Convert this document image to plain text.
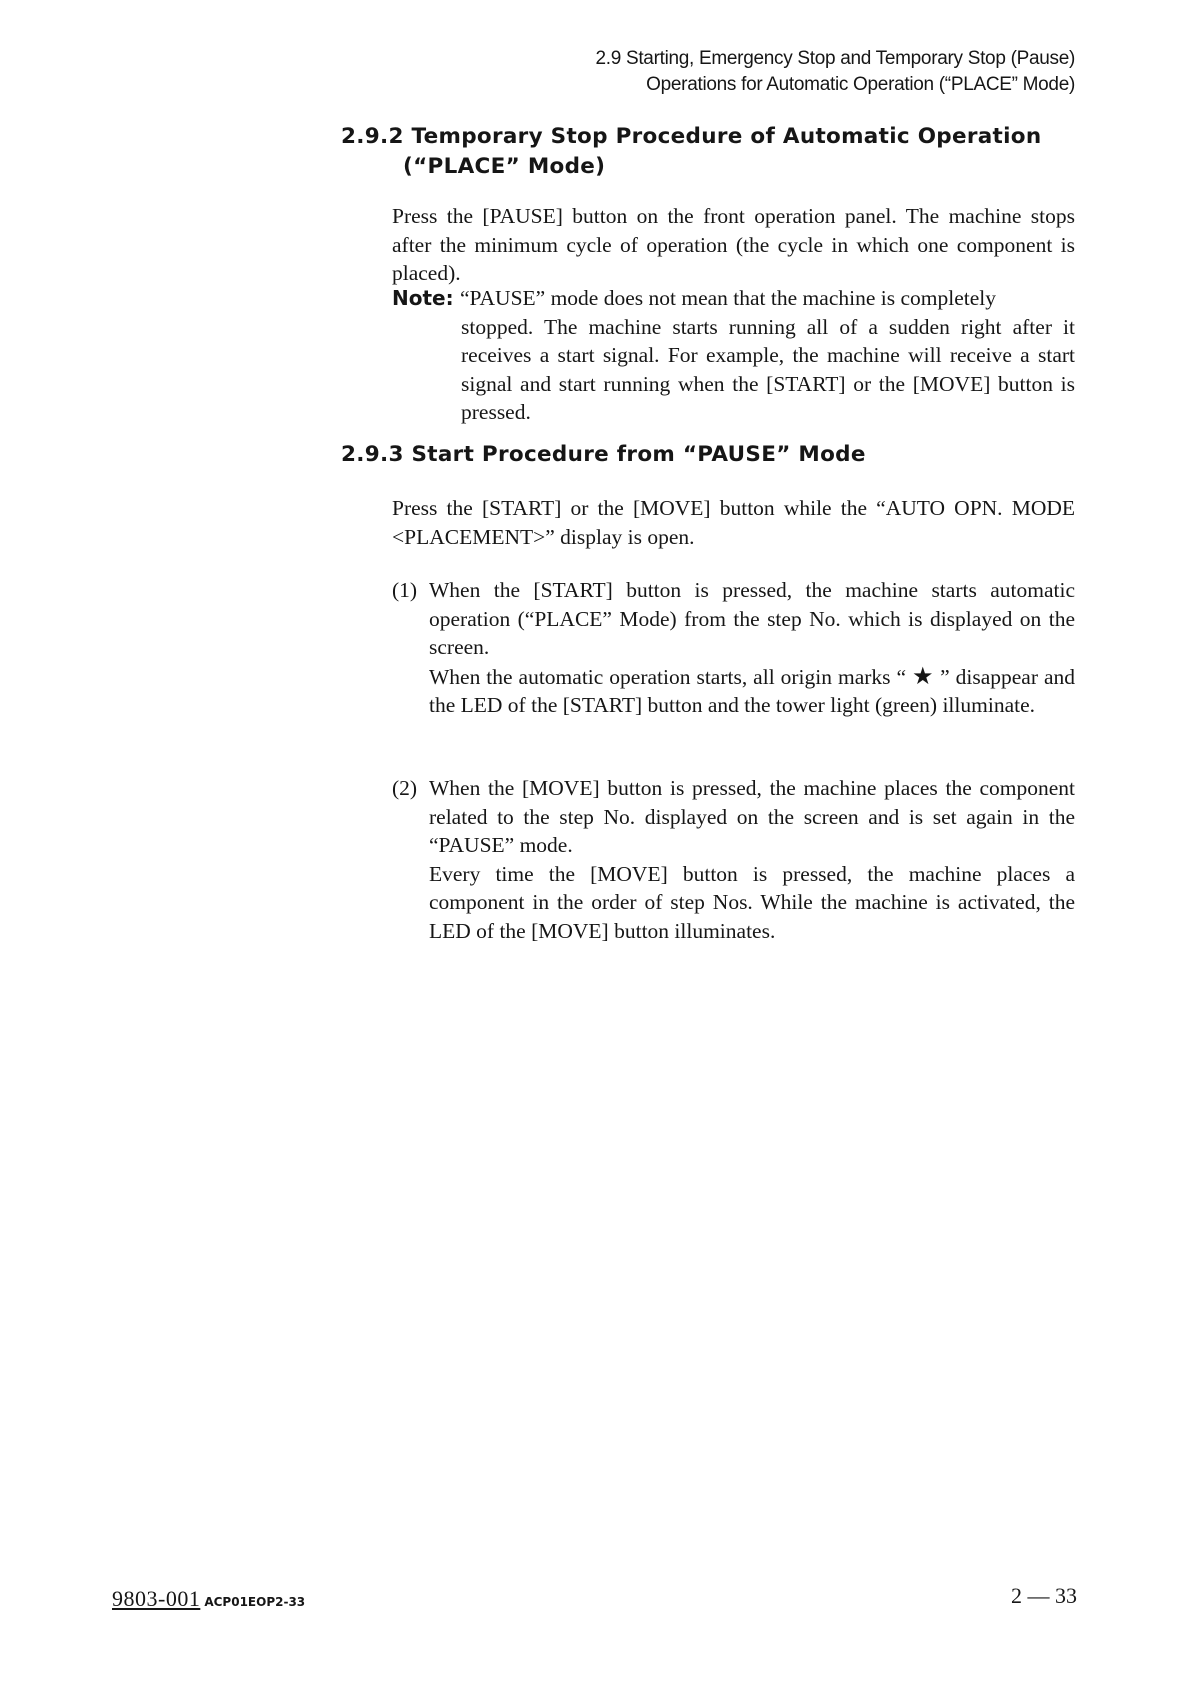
2.9 Starting, Emergency Stop and Temporary Stop (Pause)
Operations for Automatic Operation (“PLACE” Mode)
2.9.2 Temporary Stop Procedure of Automatic Operation
(“PLACE” Mode)
Press the [PAUSE] button on the front operation panel. The machine stops after the minimum cycle of operation (the cycle in which one component is placed).
Note: “PAUSE” mode does not mean that the machine is completely
stopped. The machine starts running all of a sudden right after it receives a start signal. For example, the machine will receive a start signal and start running when the [START] or the [MOVE] button is pressed.
2.9.3 Start Procedure from “PAUSE” Mode
Press the [START] or the [MOVE] button while the “AUTO OPN. MODE <PLACEMENT>” display is open.
(1) When the [START] button is pressed, the machine starts automatic operation (“PLACE” Mode) from the step No. which is displayed on the screen.
When the automatic operation starts, all origin marks “ ★ ” disappear and the LED of the [START] button and the tower light (green) illuminate.
(2) When the [MOVE] button is pressed, the machine places the component related to the step No. displayed on the screen and is set again in the “PAUSE” mode.
Every time the [MOVE] button is pressed, the machine places a component in the order of step Nos. While the machine is activated, the LED of the [MOVE] button illuminates.
9803-001 ACP01EOP2-33	2 — 33
